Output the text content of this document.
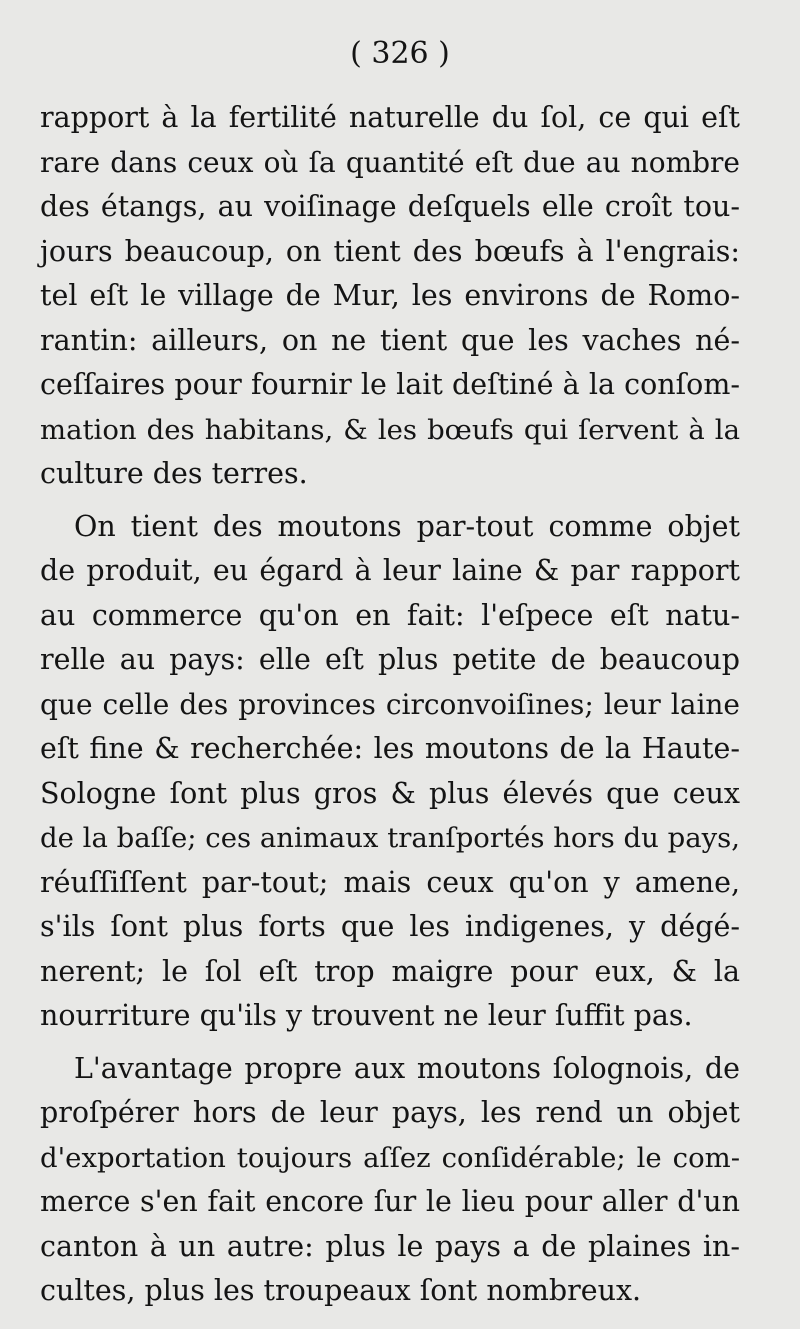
( 326 )
rapport à la fertilité naturelle du ſol, ce qui eſt
rare dans ceux où ſa quantité eſt due au nombre
des étangs, au voiſinage deſquels elle croît tou-
jours beaucoup, on tient des bœufs à l'engrais:
tel eſt le village de Mur, les environs de Romo-
rantin: ailleurs, on ne tient que les vaches né-
ceſſaires pour fournir le lait deſtiné à la conſom-
mation des habitans, & les bœufs qui ſervent à la
culture des terres.
On tient des moutons par-tout comme objet
de produit, eu égard à leur laine & par rapport
au commerce qu'on en fait: l'eſpece eſt natu-
relle au pays: elle eſt plus petite de beaucoup
que celle des provinces circonvoiſines; leur laine
eſt fine & recherchée: les moutons de la Haute-
Sologne ſont plus gros & plus élevés que ceux
de la baſſe; ces animaux tranſportés hors du pays,
réuſſiſſent par-tout; mais ceux qu'on y amene,
s'ils ſont plus forts que les indigenes, y dégé-
nerent; le ſol eſt trop maigre pour eux, & la
nourriture qu'ils y trouvent ne leur ſuffit pas.
L'avantage propre aux moutons ſolognois, de
proſpérer hors de leur pays, les rend un objet
d'exportation toujours aſſez conſidérable; le com-
merce s'en fait encore ſur le lieu pour aller d'un
canton à un autre: plus le pays a de plaines in-
cultes, plus les troupeaux ſont nombreux.
